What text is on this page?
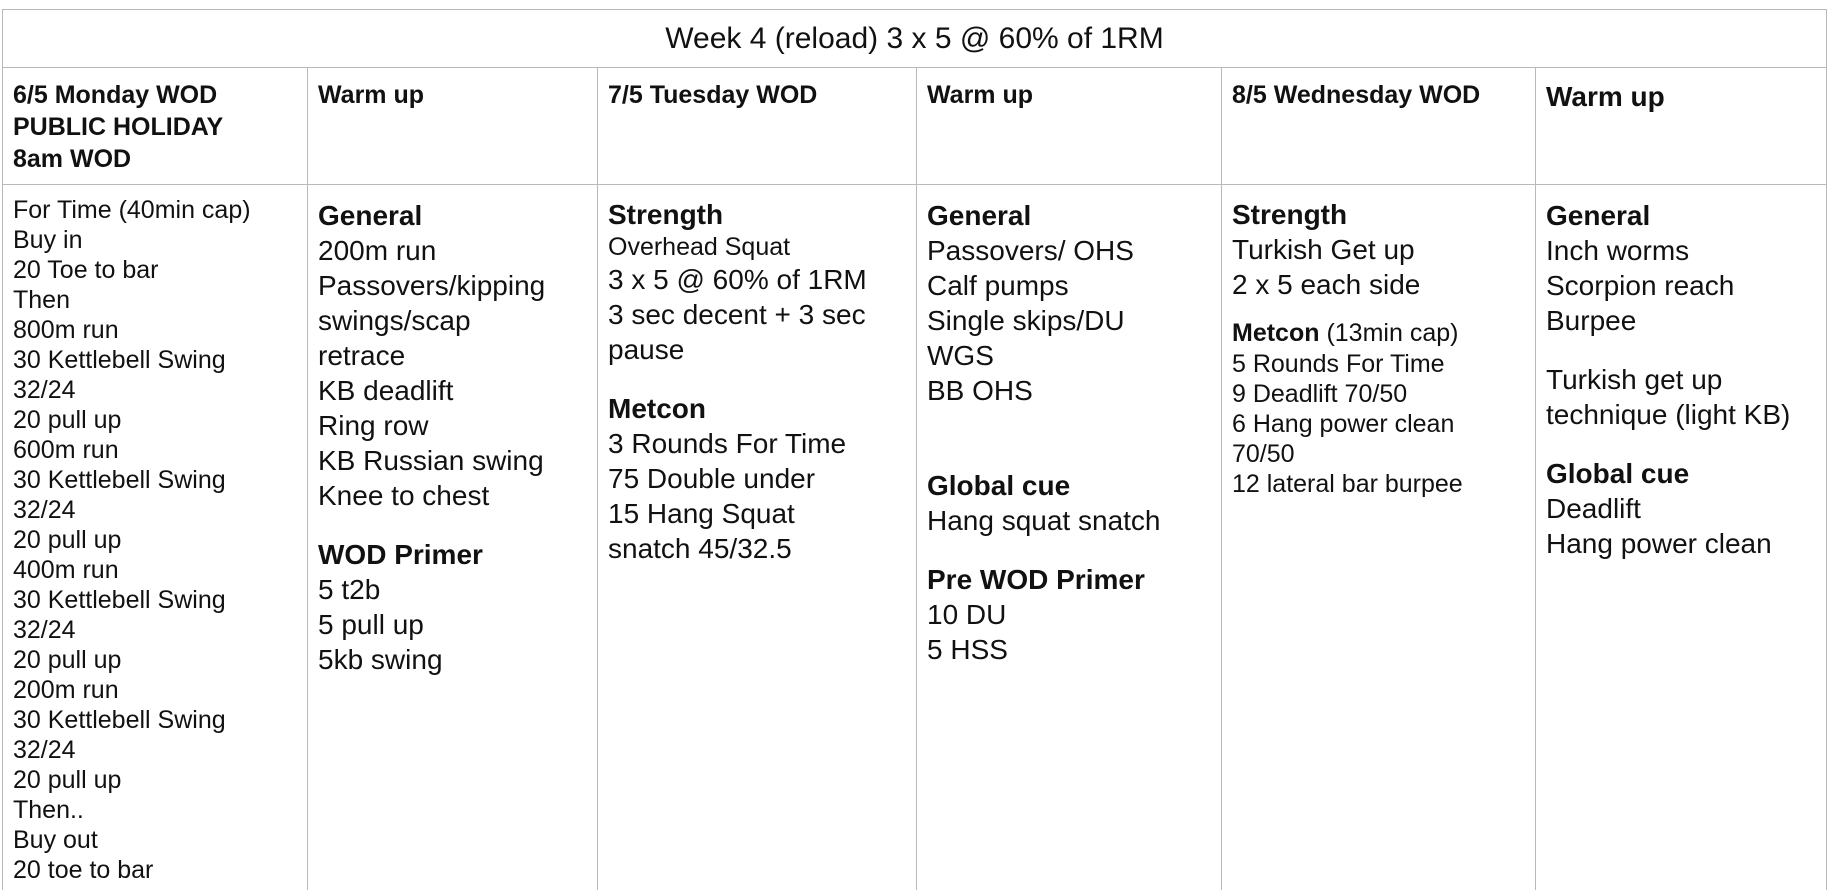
Week 4 (reload) 3 x 5 @ 60% of 1RM
6/5 Monday WOD
PUBLIC HOLIDAY
8am WOD
For Time (40min cap)
Buy in
20 Toe to bar
Then
800m run
30 Kettlebell Swing
32/24
20 pull up
600m run
30 Kettlebell Swing
32/24
20 pull up
400m run
30 Kettlebell Swing
32/24
20 pull up
200m run
30 Kettlebell Swing
32/24
20 pull up
Then..
Buy out
20 toe to bar
Warm up
General
200m run
Passovers/kipping
swings/scap
retrace
KB deadlift
Ring row
KB Russian swing
Knee to chest
WOD Primer
5 t2b
5 pull up
5kb swing
7/5 Tuesday WOD
Strength
Overhead Squat
3 x 5 @ 60% of 1RM
3 sec decent + 3 sec
pause
Metcon
3 Rounds For Time
75 Double under
15 Hang Squat
snatch 45/32.5
Warm up
General
Passovers/ OHS
Calf pumps
Single skips/DU
WGS
BB OHS
Global cue
Hang squat snatch
Pre WOD Primer
10 DU
5 HSS
8/5 Wednesday WOD
Strength
Turkish Get up
2 x 5 each side
Metcon (13min cap)
5 Rounds For Time
9 Deadlift 70/50
6 Hang power clean
70/50
12 lateral bar burpee
Warm up
General
Inch worms
Scorpion reach
Burpee
Turkish get up
technique (light KB)
Global cue
Deadlift
Hang power clean
